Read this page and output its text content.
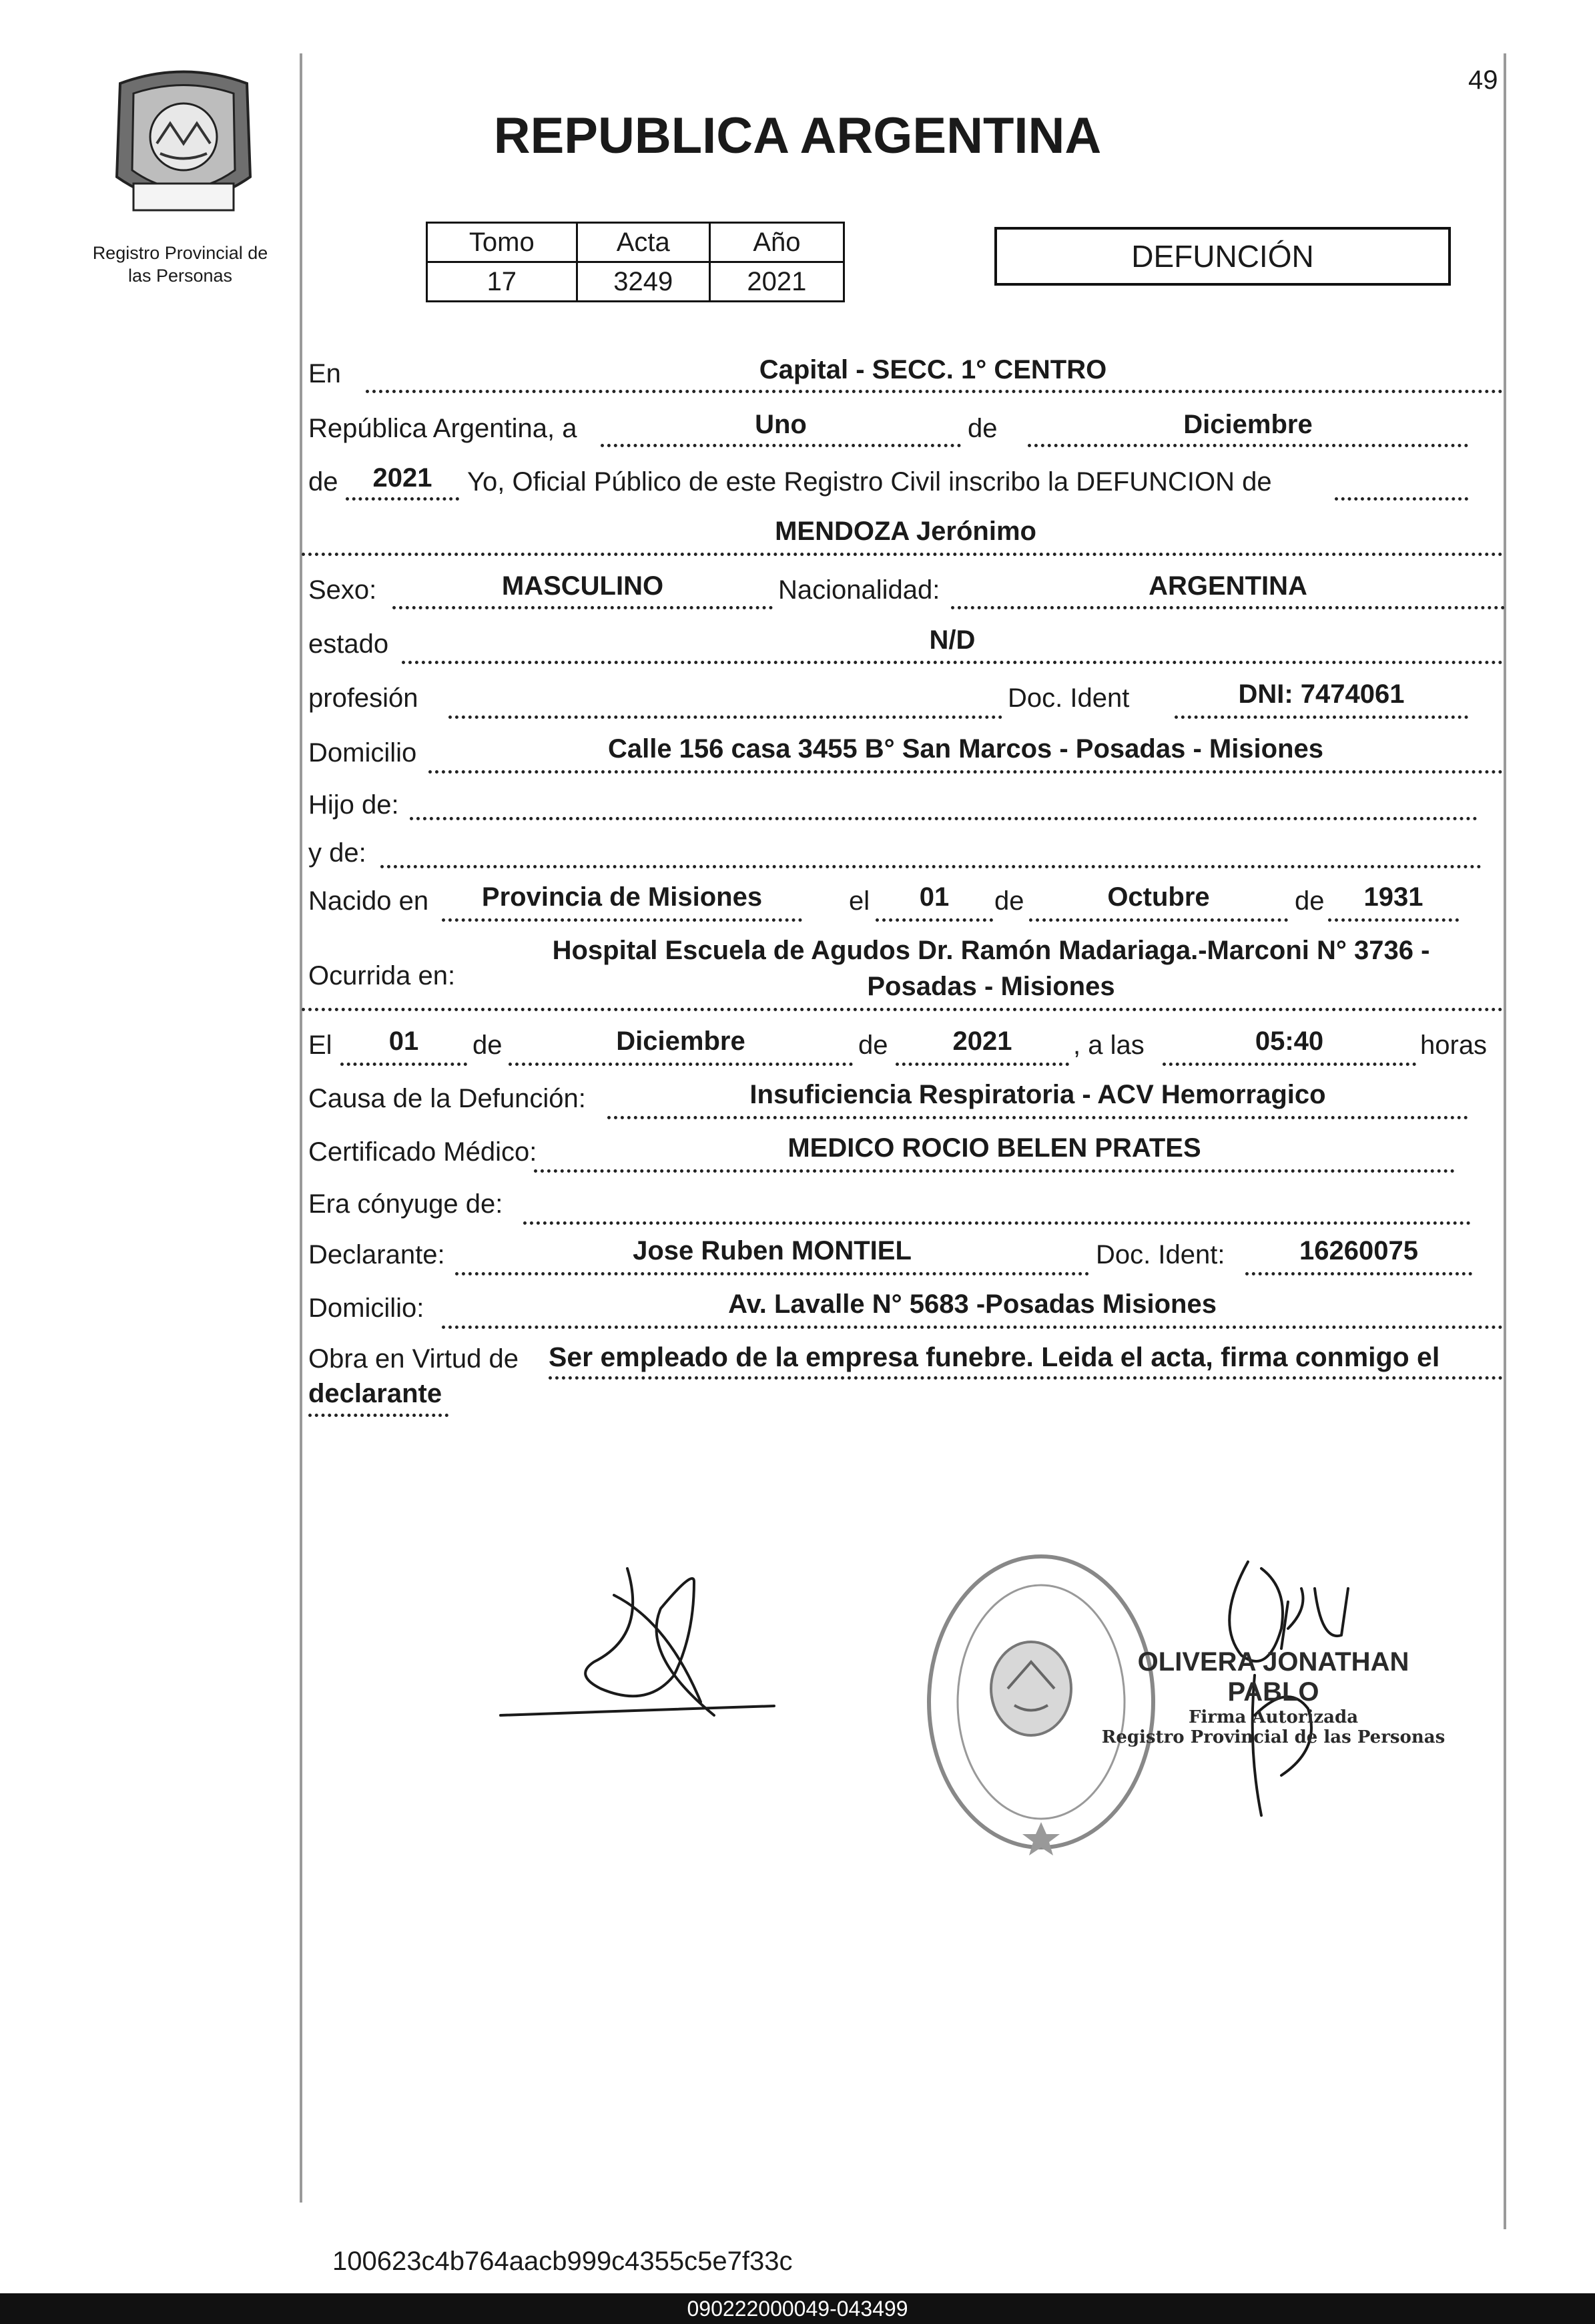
49
Registro Provincial de
las Personas
REPUBLICA ARGENTINA
Tomo	Acta	Año
17	3249	2021
DEFUNCIÓN
En	Capital - SECC. 1° CENTRO
República Argentina, a	Uno	de	Diciembre
de	2021	Yo, Oficial Público de este Registro Civil inscribo la DEFUNCION de
MENDOZA Jerónimo
Sexo:	MASCULINO	Nacionalidad:	ARGENTINA
estado	N/D
profesión	Doc. Ident	DNI: 7474061
Domicilio	Calle 156 casa 3455 B° San Marcos - Posadas - Misiones
Hijo de:
y de:
Nacido en	Provincia de Misiones	el	01	de	Octubre	de	1931
Ocurrida en:
Hospital Escuela de Agudos Dr. Ramón Madariaga.-Marconi N° 3736 -
Posadas - Misiones
El	01	de	Diciembre	de	2021	, a las	05:40	horas
Causa de la Defunción:	Insuficiencia Respiratoria - ACV Hemorragico
Certificado Médico:	MEDICO ROCIO BELEN PRATES
Era cónyuge de:
Declarante:	Jose Ruben MONTIEL	Doc. Ident:	16260075
Domicilio:	Av. Lavalle N° 5683 -Posadas Misiones
Obra en Virtud de Ser empleado de la empresa funebre. Leida el acta, firma conmigo el
declarante
OLIVERA JONATHAN PABLO
Firma Autorizada
Registro Provincial de las Personas
100623c4b764aacb999c4355c5e7f33c
090222000049-043499
